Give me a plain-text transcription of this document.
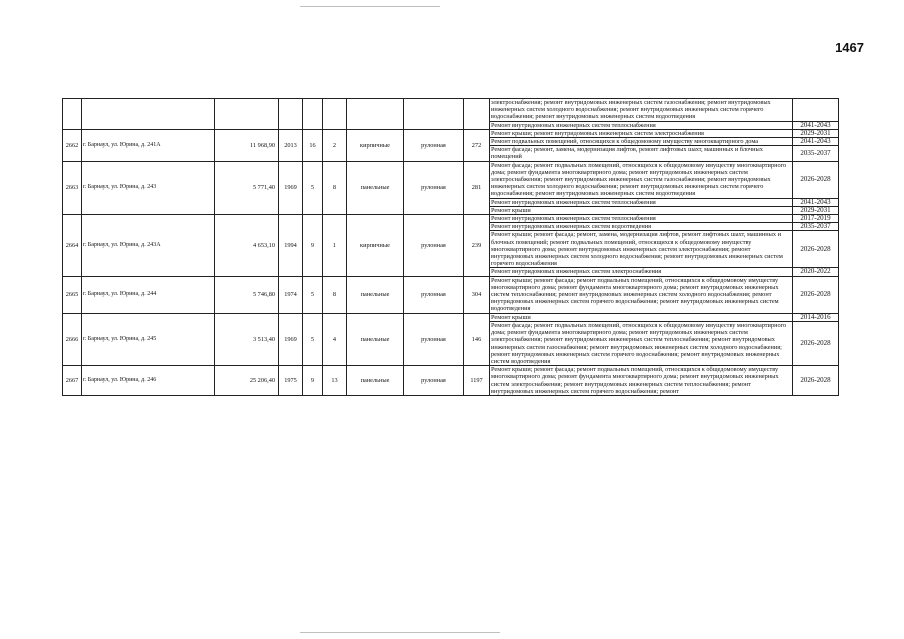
1467
									электроснабжения; ремонт внутридомовых инженерных систем газоснабжения; ремонт внутридомовых инженерных систем холодного водоснабжения; ремонт внутридомовых инженерных систем горячего водоснабжения; ремонт внутридомовых инженерных систем водоотведения	
									Ремонт внутридомовых инженерных систем теплоснабжения	2041-2043
2662	г. Барнаул, ул. Юрина, д. 241А	11 968,90	2013	16	2	кирпичные	рулонная	272	Ремонт крыши; ремонт внутридомовых инженерных систем электроснабжения	2029-2031
									Ремонт подвальных помещений, относящихся к общедомовому имуществу многоквартирного дома	2041-2043
									Ремонт фасада; ремонт, замена, модернизация лифтов, ремонт лифтовых шахт, машинных и блочных помещений	2035-2037
2663	г. Барнаул, ул. Юрина, д. 243	5 771,40	1969	5	8	панельные	рулонная	281	Ремонт фасада; ремонт подвальных помещений, относящихся к общедомовому имуществу многоквартирного дома; ремонт фундамента многоквартирного дома; ремонт внутридомовых инженерных систем электроснабжения; ремонт внутридомовых инженерных систем газоснабжения; ремонт внутридомовых инженерных систем холодного водоснабжения; ремонт внутридомовых инженерных систем горячего водоснабжения; ремонт внутридомовых инженерных систем водоотведения	2026-2028
									Ремонт внутридомовых инженерных систем теплоснабжения	2041-2043
									Ремонт крыши	2029-2031
2664	г. Барнаул, ул. Юрина, д. 243А	4 653,10	1994	9	1	кирпичные	рулонная	239	Ремонт внутридомовых инженерных систем теплоснабжения	2017-2019
									Ремонт внутридомовых инженерных систем водоотведения	2035-2037
									Ремонт крыши; ремонт фасада; ремонт, замена, модернизация лифтов, ремонт лифтовых шахт, машинных и блочных помещений; ремонт подвальных помещений, относящихся к общедомовому имуществу многоквартирного дома; ремонт внутридомовых инженерных систем электроснабжения; ремонт внутридомовых инженерных систем холодного водоснабжения; ремонт внутридомовых инженерных систем горячего водоснабжения	2026-2028
									Ремонт внутридомовых инженерных систем электроснабжения	2020-2022
2665	г. Барнаул, ул. Юрина, д. 244	5 746,80	1974	5	8	панельные	рулонная	304	Ремонт крыши; ремонт фасада; ремонт подвальных помещений, относящихся к общедомовому имуществу многоквартирного дома; ремонт фундамента многоквартирного дома; ремонт внутридомовых инженерных систем теплоснабжения; ремонт внутридомовых инженерных систем холодного водоснабжения; ремонт внутридомовых инженерных систем горячего водоснабжения; ремонт внутридомовых инженерных систем водоотведения	2026-2028
2666	г. Барнаул, ул. Юрина, д. 245	3 513,40	1969	5	4	панельные	рулонная	146	Ремонт крыши	2014-2016
									Ремонт фасада; ремонт подвальных помещений, относящихся к общедомовому имуществу многоквартирного дома; ремонт фундамента многоквартирного дома; ремонт внутридомовых инженерных систем электроснабжения; ремонт внутридомовых инженерных систем теплоснабжения; ремонт внутридомовых инженерных систем газоснабжения; ремонт внутридомовых инженерных систем холодного водоснабжения; ремонт внутридомовых инженерных систем горячего водоснабжения; ремонт внутридомовых инженерных систем водоотведения	2026-2028
2667	г. Барнаул, ул. Юрина, д. 246	25 206,40	1975	9	13	панельные	рулонная	1197	Ремонт крыши; ремонт фасада; ремонт подвальных помещений, относящихся к общедомовому имуществу многоквартирного дома; ремонт фундамента многоквартирного дома; ремонт внутридомовых инженерных систем электроснабжения; ремонт внутридомовых инженерных систем теплоснабжения; ремонт внутридомовых инженерных систем горячего водоснабжения; ремонт	2026-2028
